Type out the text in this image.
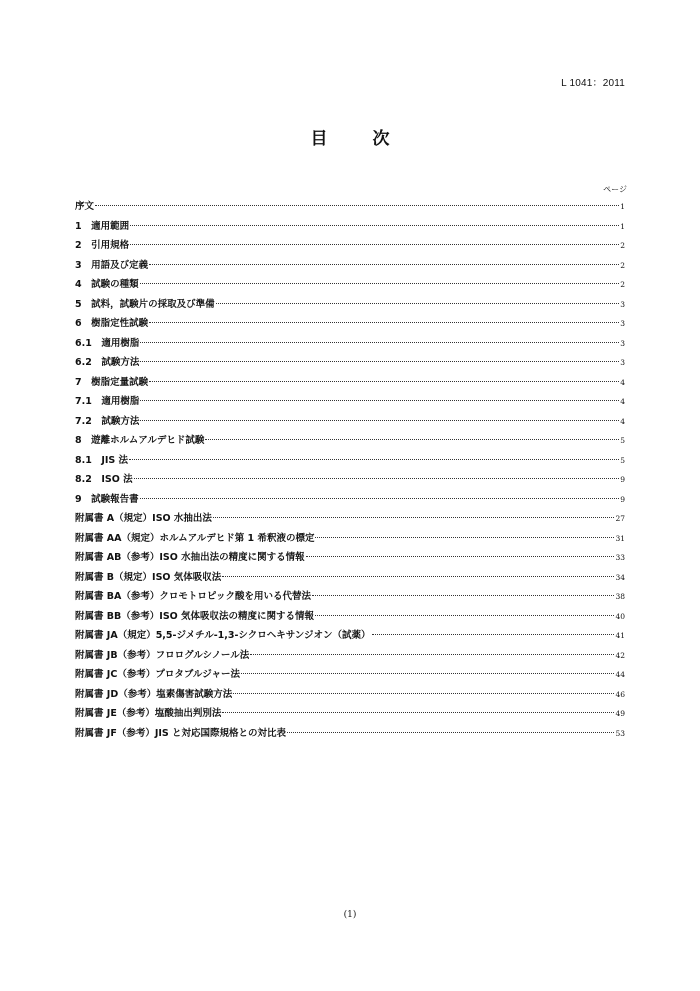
L 1041：2011
目　次
ページ
序文	1
1　適用範囲	1
2　引用規格	2
3　用語及び定義	2
4　試験の種類	2
5　試料，試験片の採取及び準備	3
6　樹脂定性試験	3
6.1　適用樹脂	3
6.2　試験方法	3
7　樹脂定量試験	4
7.1　適用樹脂	4
7.2　試験方法	4
8　遊離ホルムアルデヒド試験	5
8.1　JIS 法	5
8.2　ISO 法	9
9　試験報告書	9
附属書 A（規定）ISO 水抽出法	27
附属書 AA（規定）ホルムアルデヒド第 1 希釈液の標定	31
附属書 AB（参考）ISO 水抽出法の精度に関する情報	33
附属書 B（規定）ISO 気体吸収法	34
附属書 BA（参考）クロモトロピック酸を用いる代替法	38
附属書 BB（参考）ISO 気体吸収法の精度に関する情報	40
附属書 JA（規定）5,5-ジメチル-1,3-シクロヘキサンジオン（試薬）	41
附属書 JB（参考）フロログルシノール法	42
附属書 JC（参考）プロタブルジャー法	44
附属書 JD（参考）塩素傷害試験方法	46
附属書 JE（参考）塩酸抽出判別法	49
附属書 JF（参考）JIS と対応国際規格との対比表	53
(1)
